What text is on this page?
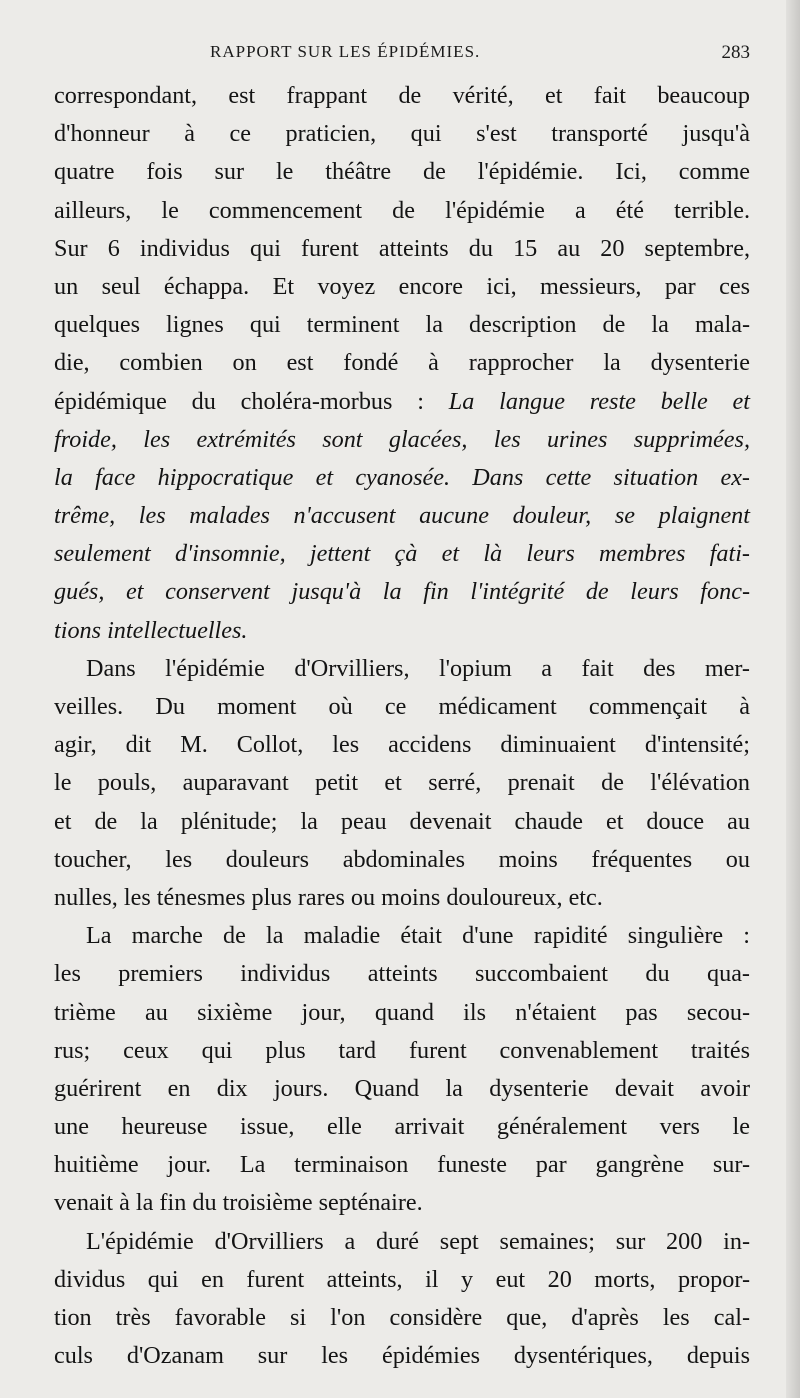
RAPPORT SUR LES ÉPIDÉMIES.	283
correspondant, est frappant de vérité, et fait beaucoup
d'honneur à ce praticien, qui s'est transporté jusqu'à
quatre fois sur le théâtre de l'épidémie. Ici, comme
ailleurs, le commencement de l'épidémie a été terrible.
Sur 6 individus qui furent atteints du 15 au 20 septembre,
un seul échappa. Et voyez encore ici, messieurs, par ces
quelques lignes qui terminent la description de la mala-
die, combien on est fondé à rapprocher la dysenterie
épidémique du choléra-morbus : La langue reste belle et
froide, les extrémités sont glacées, les urines supprimées,
la face hippocratique et cyanosée. Dans cette situation ex-
trême, les malades n'accusent aucune douleur, se plaignent
seulement d'insomnie, jettent çà et là leurs membres fati-
gués, et conservent jusqu'à la fin l'intégrité de leurs fonc-
tions intellectuelles.
Dans l'épidémie d'Orvilliers, l'opium a fait des mer-
veilles. Du moment où ce médicament commençait à
agir, dit M. Collot, les accidens diminuaient d'intensité;
le pouls, auparavant petit et serré, prenait de l'élévation
et de la plénitude; la peau devenait chaude et douce au
toucher, les douleurs abdominales moins fréquentes ou
nulles, les ténesmes plus rares ou moins douloureux, etc.
La marche de la maladie était d'une rapidité singulière :
les premiers individus atteints succombaient du qua-
trième au sixième jour, quand ils n'étaient pas secou-
rus; ceux qui plus tard furent convenablement traités
guérirent en dix jours. Quand la dysenterie devait avoir
une heureuse issue, elle arrivait généralement vers le
huitième jour. La terminaison funeste par gangrène sur-
venait à la fin du troisième septénaire.
L'épidémie d'Orvilliers a duré sept semaines; sur 200 in-
dividus qui en furent atteints, il y eut 20 morts, propor-
tion très favorable si l'on considère que, d'après les cal-
culs d'Ozanam sur les épidémies dysentériques, depuis
